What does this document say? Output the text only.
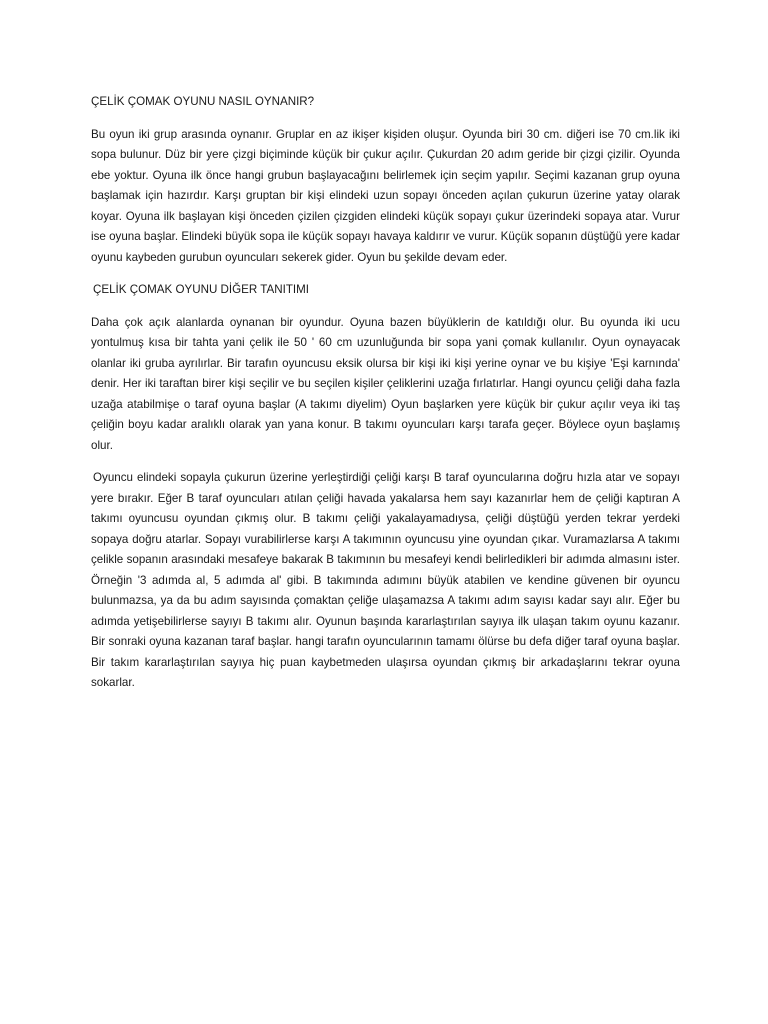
ÇELİK ÇOMAK OYUNU NASIL OYNANIR?

Bu oyun iki grup arasında oynanır. Gruplar en az ikişer kişiden oluşur. Oyunda biri 30 cm. diğeri ise 70 cm.lik iki sopa bulunur. Düz bir yere çizgi biçiminde küçük bir çukur açılır. Çukurdan 20 adım geride bir çizgi çizilir. Oyunda ebe yoktur. Oyuna ilk önce hangi grubun başlayacağını belirlemek için seçim yapılır. Seçimi kazanan grup oyuna başlamak için hazırdır. Karşı gruptan bir kişi elindeki uzun sopayı önceden açılan çukurun üzerine yatay olarak koyar. Oyuna ilk başlayan kişi önceden çizilen çizgiden elindeki küçük sopayı çukur üzerindeki sopaya atar. Vurur ise oyuna başlar. Elindeki büyük sopa ile küçük sopayı havaya kaldırır ve vurur. Küçük sopanın düştüğü yere kadar oyunu kaybeden gurubun oyuncuları sekerek gider. Oyun bu şekilde devam eder.

ÇELİK ÇOMAK OYUNU DİĞER TANITIMI

Daha çok açık alanlarda oynanan bir oyundur. Oyuna bazen büyüklerin de katıldığı olur. Bu oyunda iki ucu yontulmuş kısa bir tahta yani çelik ile 50 ' 60 cm uzunluğunda bir sopa yani çomak kullanılır. Oyun oynayacak olanlar iki gruba ayrılırlar. Bir tarafın oyuncusu eksik olursa bir kişi iki kişi yerine oynar ve bu kişiye 'Eşi karnında' denir. Her iki taraftan birer kişi seçilir ve bu seçilen kişiler çeliklerini uzağa fırlatırlar. Hangi oyuncu çeliği daha fazla uzağa atabilmişe o taraf oyuna başlar (A takımı diyelim) Oyun başlarken yere küçük bir çukur açılır veya iki taş çeliğin boyu kadar aralıklı olarak yan yana konur. B takımı oyuncuları karşı tarafa geçer. Böylece oyun başlamış olur.

Oyuncu elindeki sopayla çukurun üzerine yerleştirdiği çeliği karşı B taraf oyuncularına doğru hızla atar ve sopayı yere bırakır. Eğer B taraf oyuncuları atılan çeliği havada yakalarsa hem sayı kazanırlar hem de çeliği kaptıran A takımı oyuncusu oyundan çıkmış olur. B takımı çeliği yakalayamadıysa, çeliği düştüğü yerden tekrar yerdeki sopaya doğru atarlar. Sopayı vurabilirlerse karşı A takımının oyuncusu yine oyundan çıkar. Vuramazlarsa A takımı çelikle sopanın arasındaki mesafeye bakarak B takımının bu mesafeyi kendi belirledikleri bir adımda almasını ister. Örneğin '3 adımda al, 5 adımda al' gibi. B takımında adımını büyük atabilen ve kendine güvenen bir oyuncu bulunmazsa, ya da bu adım sayısında çomaktan çeliğe ulaşamazsa A takımı adım sayısı kadar sayı alır. Eğer bu adımda yetişebilirlerse sayıyı B takımı alır. Oyunun başında kararlaştırılan sayıya ilk ulaşan takım oyunu kazanır. Bir sonraki oyuna kazanan taraf başlar. hangi tarafın oyuncularının tamamı ölürse bu defa diğer taraf oyuna başlar. Bir takım kararlaştırılan sayıya hiç puan kaybetmeden ulaşırsa oyundan çıkmış bir arkadaşlarını tekrar oyuna sokarlar.
